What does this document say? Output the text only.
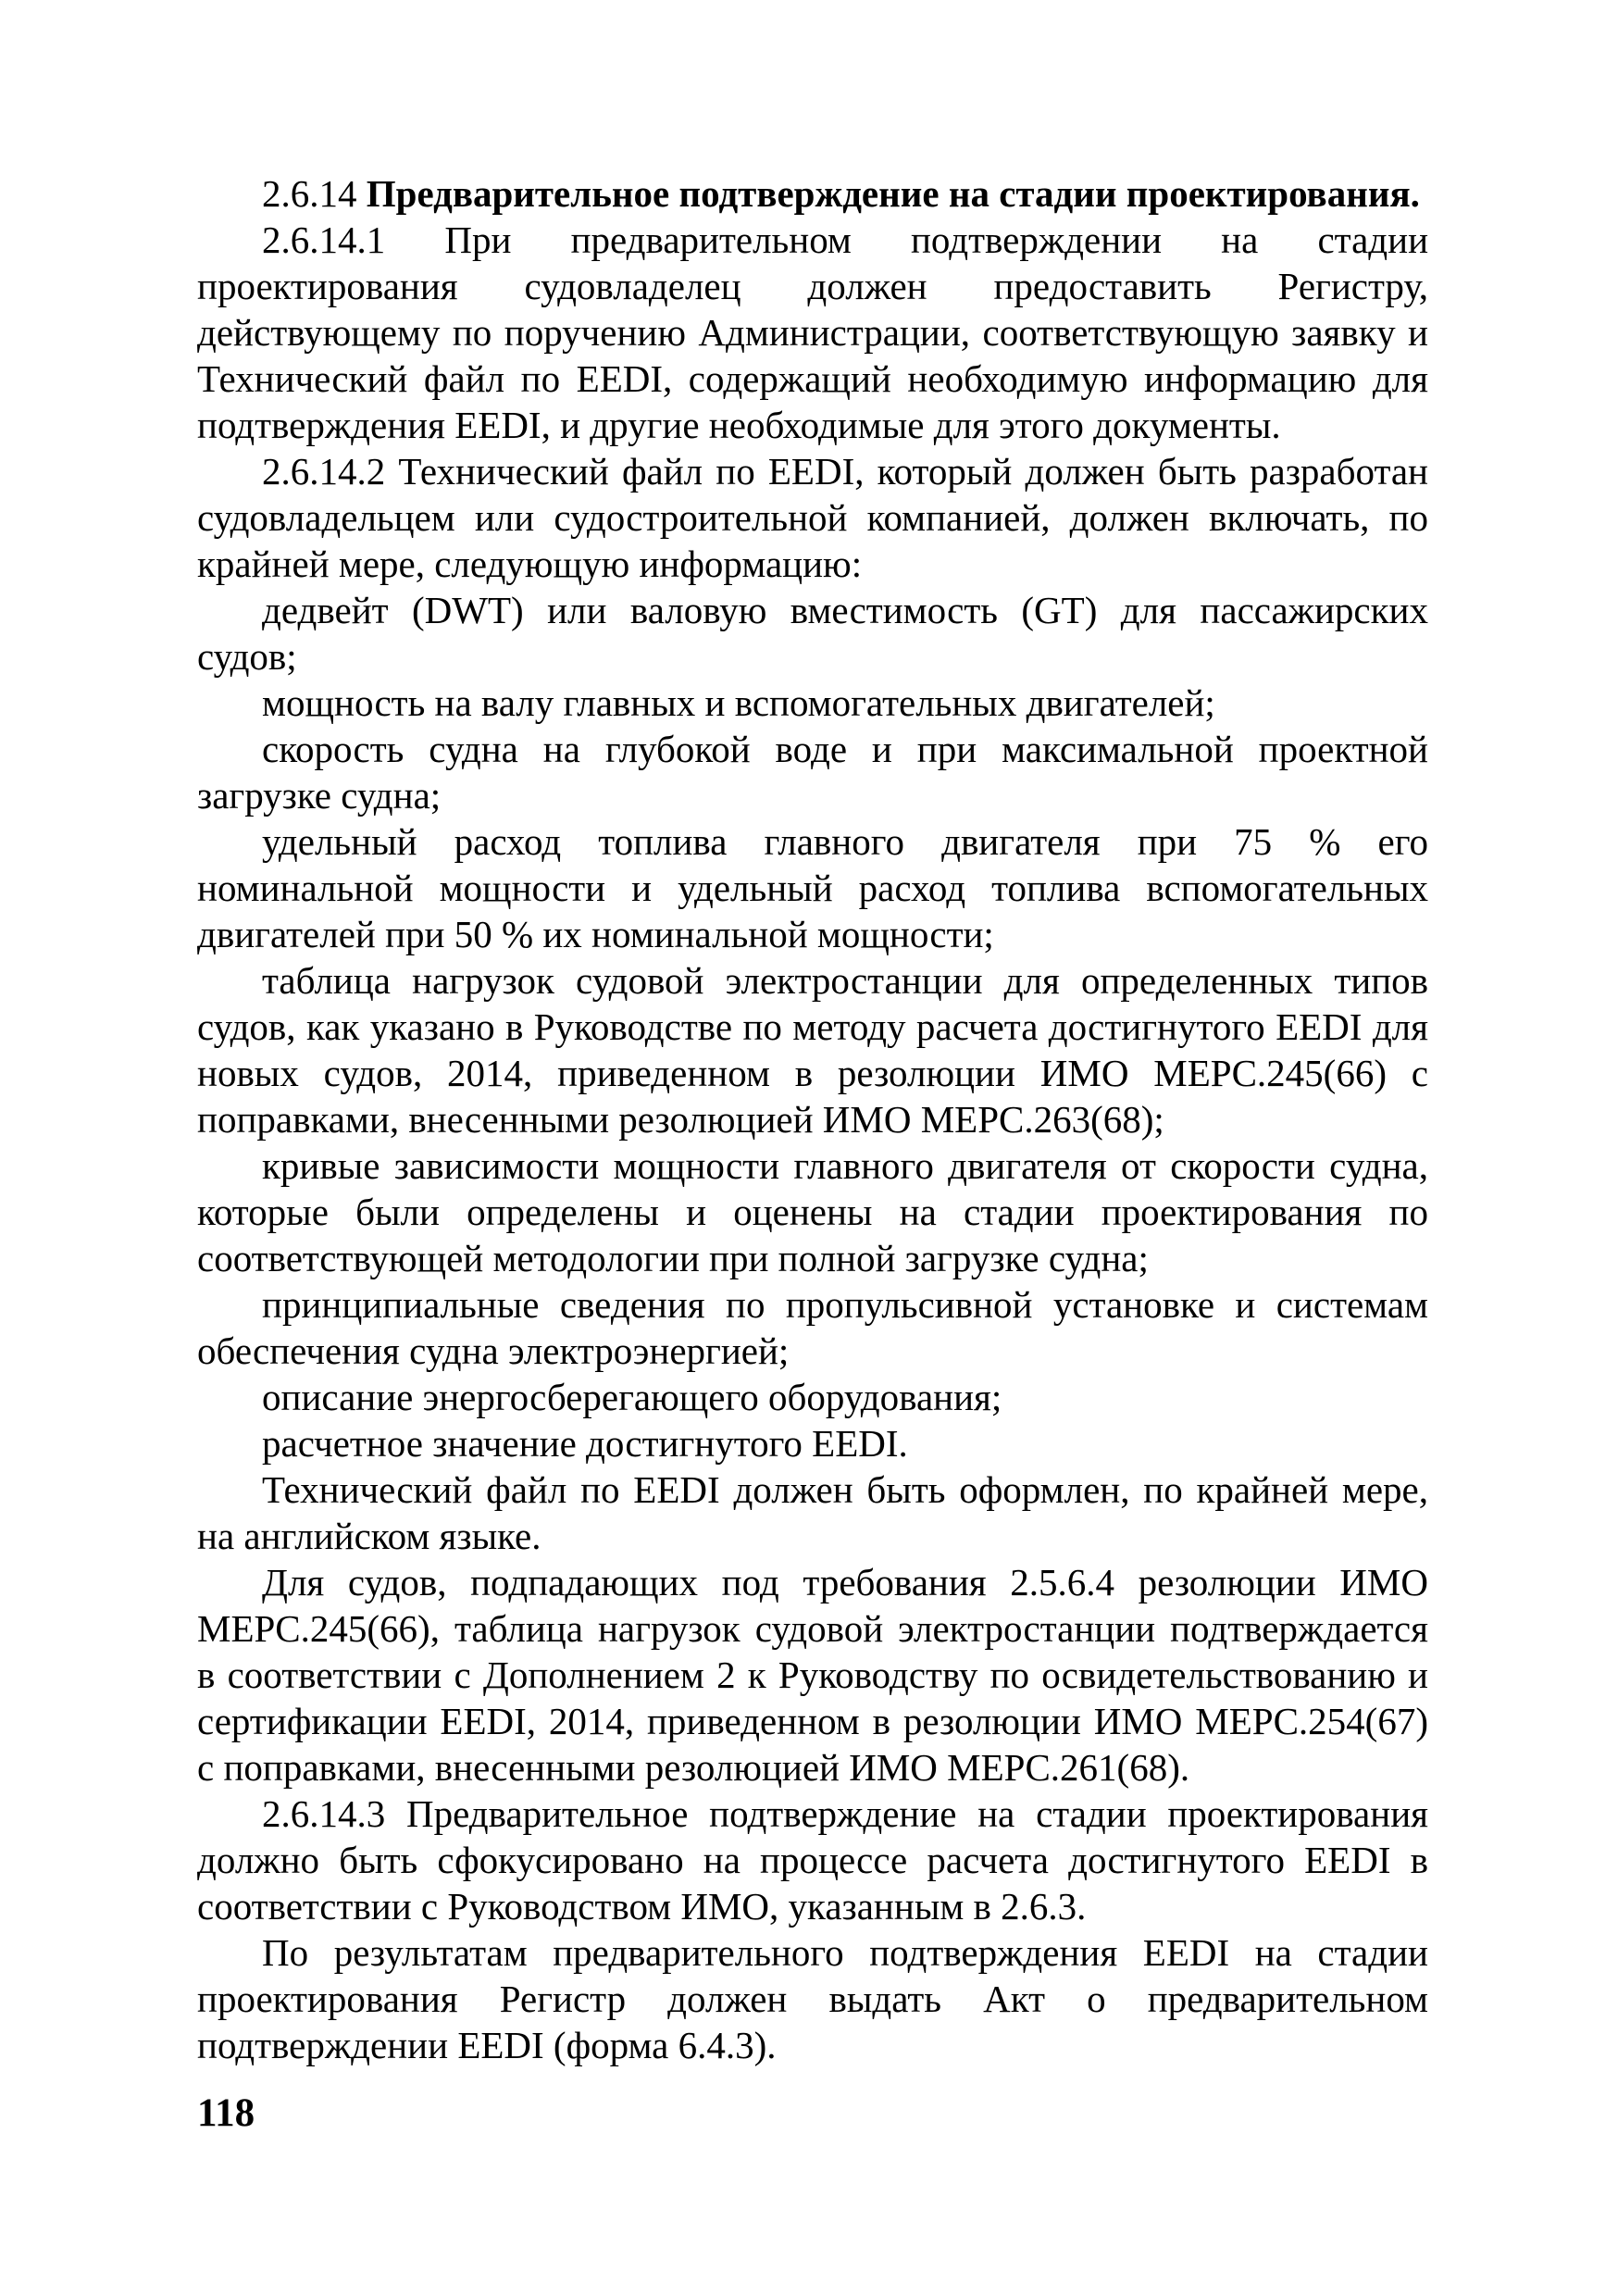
2.6.14 Предварительное подтверждение на стадии проектирования.

2.6.14.1 При предварительном подтверждении на стадии проектирования судовладелец должен предоставить Регистру, действующему по поручению Администрации, соответствующую заявку и Технический файл по EEDI, содержащий необходимую информацию для подтверждения EEDI, и другие необходимые для этого документы.

2.6.14.2 Технический файл по EEDI, который должен быть разработан судовладельцем или судостроительной компанией, должен включать, по крайней мере, следующую информацию:

дедвейт (DWT) или валовую вместимость (GT) для пассажирских судов;

мощность на валу главных и вспомогательных двигателей;

скорость судна на глубокой воде и при максимальной проектной загрузке судна;

удельный расход топлива главного двигателя при 75 % его номинальной мощности и удельный расход топлива вспомогательных двигателей при 50 % их номинальной мощности;

таблица нагрузок судовой электростанции для определенных типов судов, как указано в Руководстве по методу расчета достигнутого EEDI для новых судов, 2014, приведенном в резолюции ИМО MEPC.245(66) с поправками, внесенными резолюцией ИМО MEPC.263(68);

кривые зависимости мощности главного двигателя от скорости судна, которые были определены и оценены на стадии проектирования по соответствующей методологии при полной загрузке судна;

принципиальные сведения по пропульсивной установке и системам обеспечения судна электроэнергией;

описание энергосберегающего оборудования;

расчетное значение достигнутого EEDI.

Технический файл по EEDI должен быть оформлен, по крайней мере, на английском языке.

Для судов, подпадающих под требования 2.5.6.4 резолюции ИМО MEPC.245(66), таблица нагрузок судовой электростанции подтверждается в соответствии с Дополнением 2 к Руководству по освидетельствованию и сертификации EEDI, 2014, приведенном в резолюции ИМО MEPC.254(67) с поправками, внесенными резолюцией ИМО MEPC.261(68).

2.6.14.3 Предварительное подтверждение на стадии проектирования должно быть сфокусировано на процессе расчета достигнутого EEDI в соответствии с Руководством ИМО, указанным в 2.6.3.

По результатам предварительного подтверждения EEDI на стадии проектирования Регистр должен выдать Акт о предварительном подтверждении EEDI (форма 6.4.3).

118
